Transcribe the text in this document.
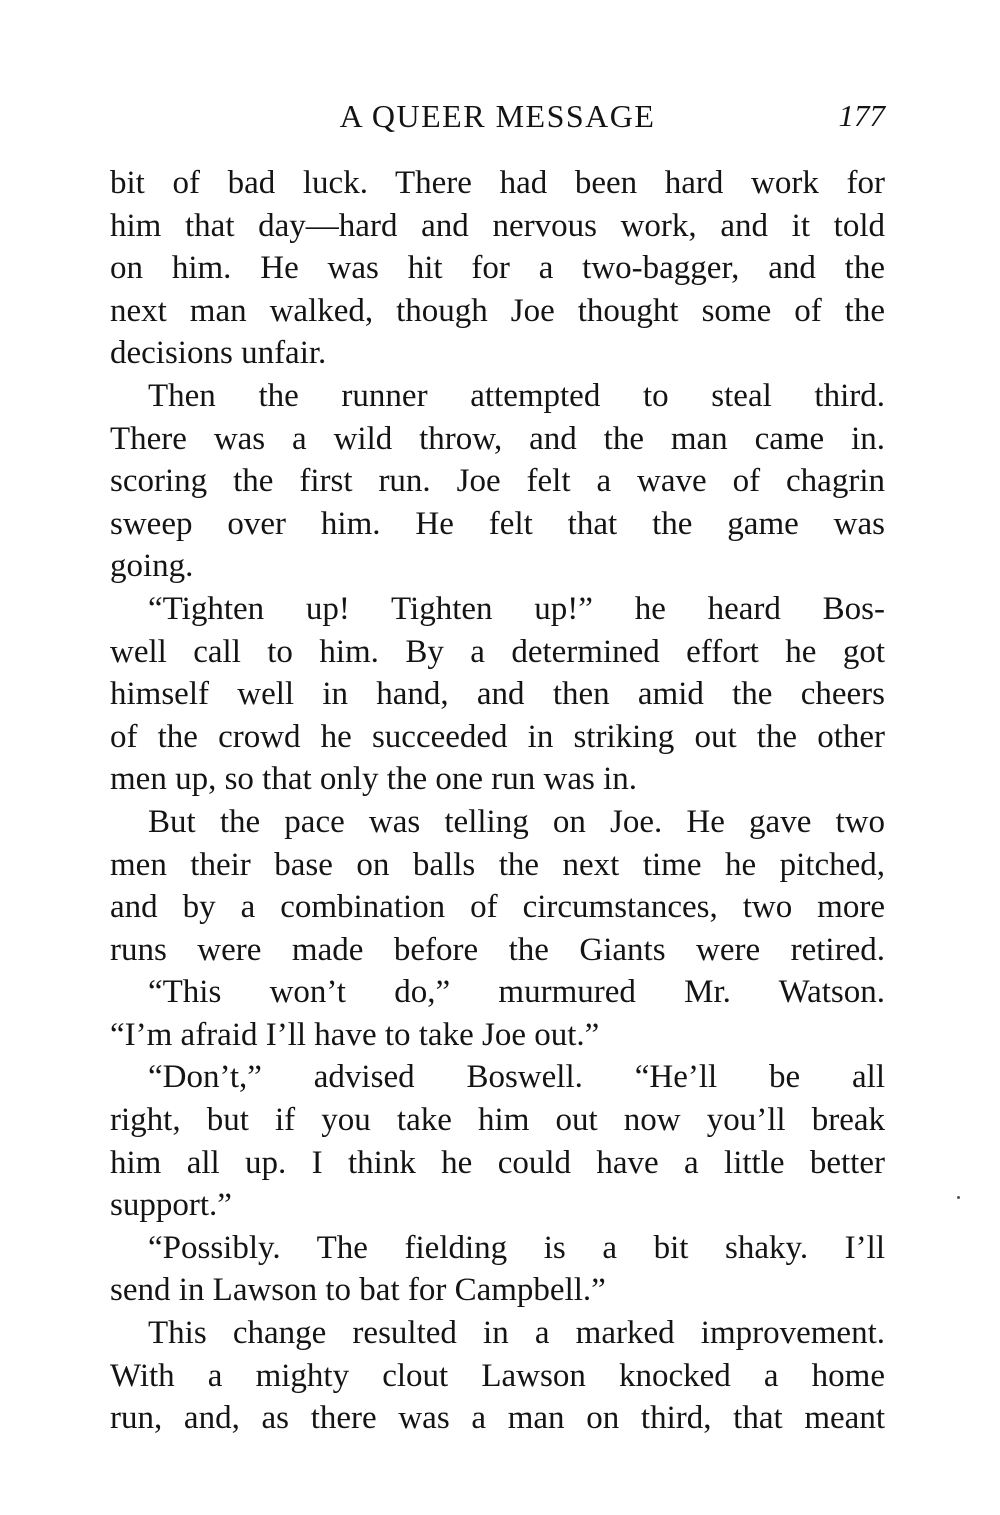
A QUEER MESSAGE	177
bit of bad luck. There had been hard work for
him that day—hard and nervous work, and it told
on him. He was hit for a two-bagger, and the
next man walked, though Joe thought some of the
decisions unfair.
Then the runner attempted to steal third.
There was a wild throw, and the man came in.
scoring the first run. Joe felt a wave of chagrin
sweep over him. He felt that the game was
going.
“Tighten up! Tighten up!” he heard Bos-
well call to him. By a determined effort he got
himself well in hand, and then amid the cheers
of the crowd he succeeded in striking out the other
men up, so that only the one run was in.
But the pace was telling on Joe. He gave two
men their base on balls the next time he pitched,
and by a combination of circumstances, two more
runs were made before the Giants were retired.
“This won’t do,” murmured Mr. Watson.
“I’m afraid I’ll have to take Joe out.”
“Don’t,” advised Boswell. “He’ll be all
right, but if you take him out now you’ll break
him all up. I think he could have a little better
support.”
“Possibly. The fielding is a bit shaky. I’ll
send in Lawson to bat for Campbell.”
This change resulted in a marked improvement.
With a mighty clout Lawson knocked a home
run, and, as there was a man on third, that meant
